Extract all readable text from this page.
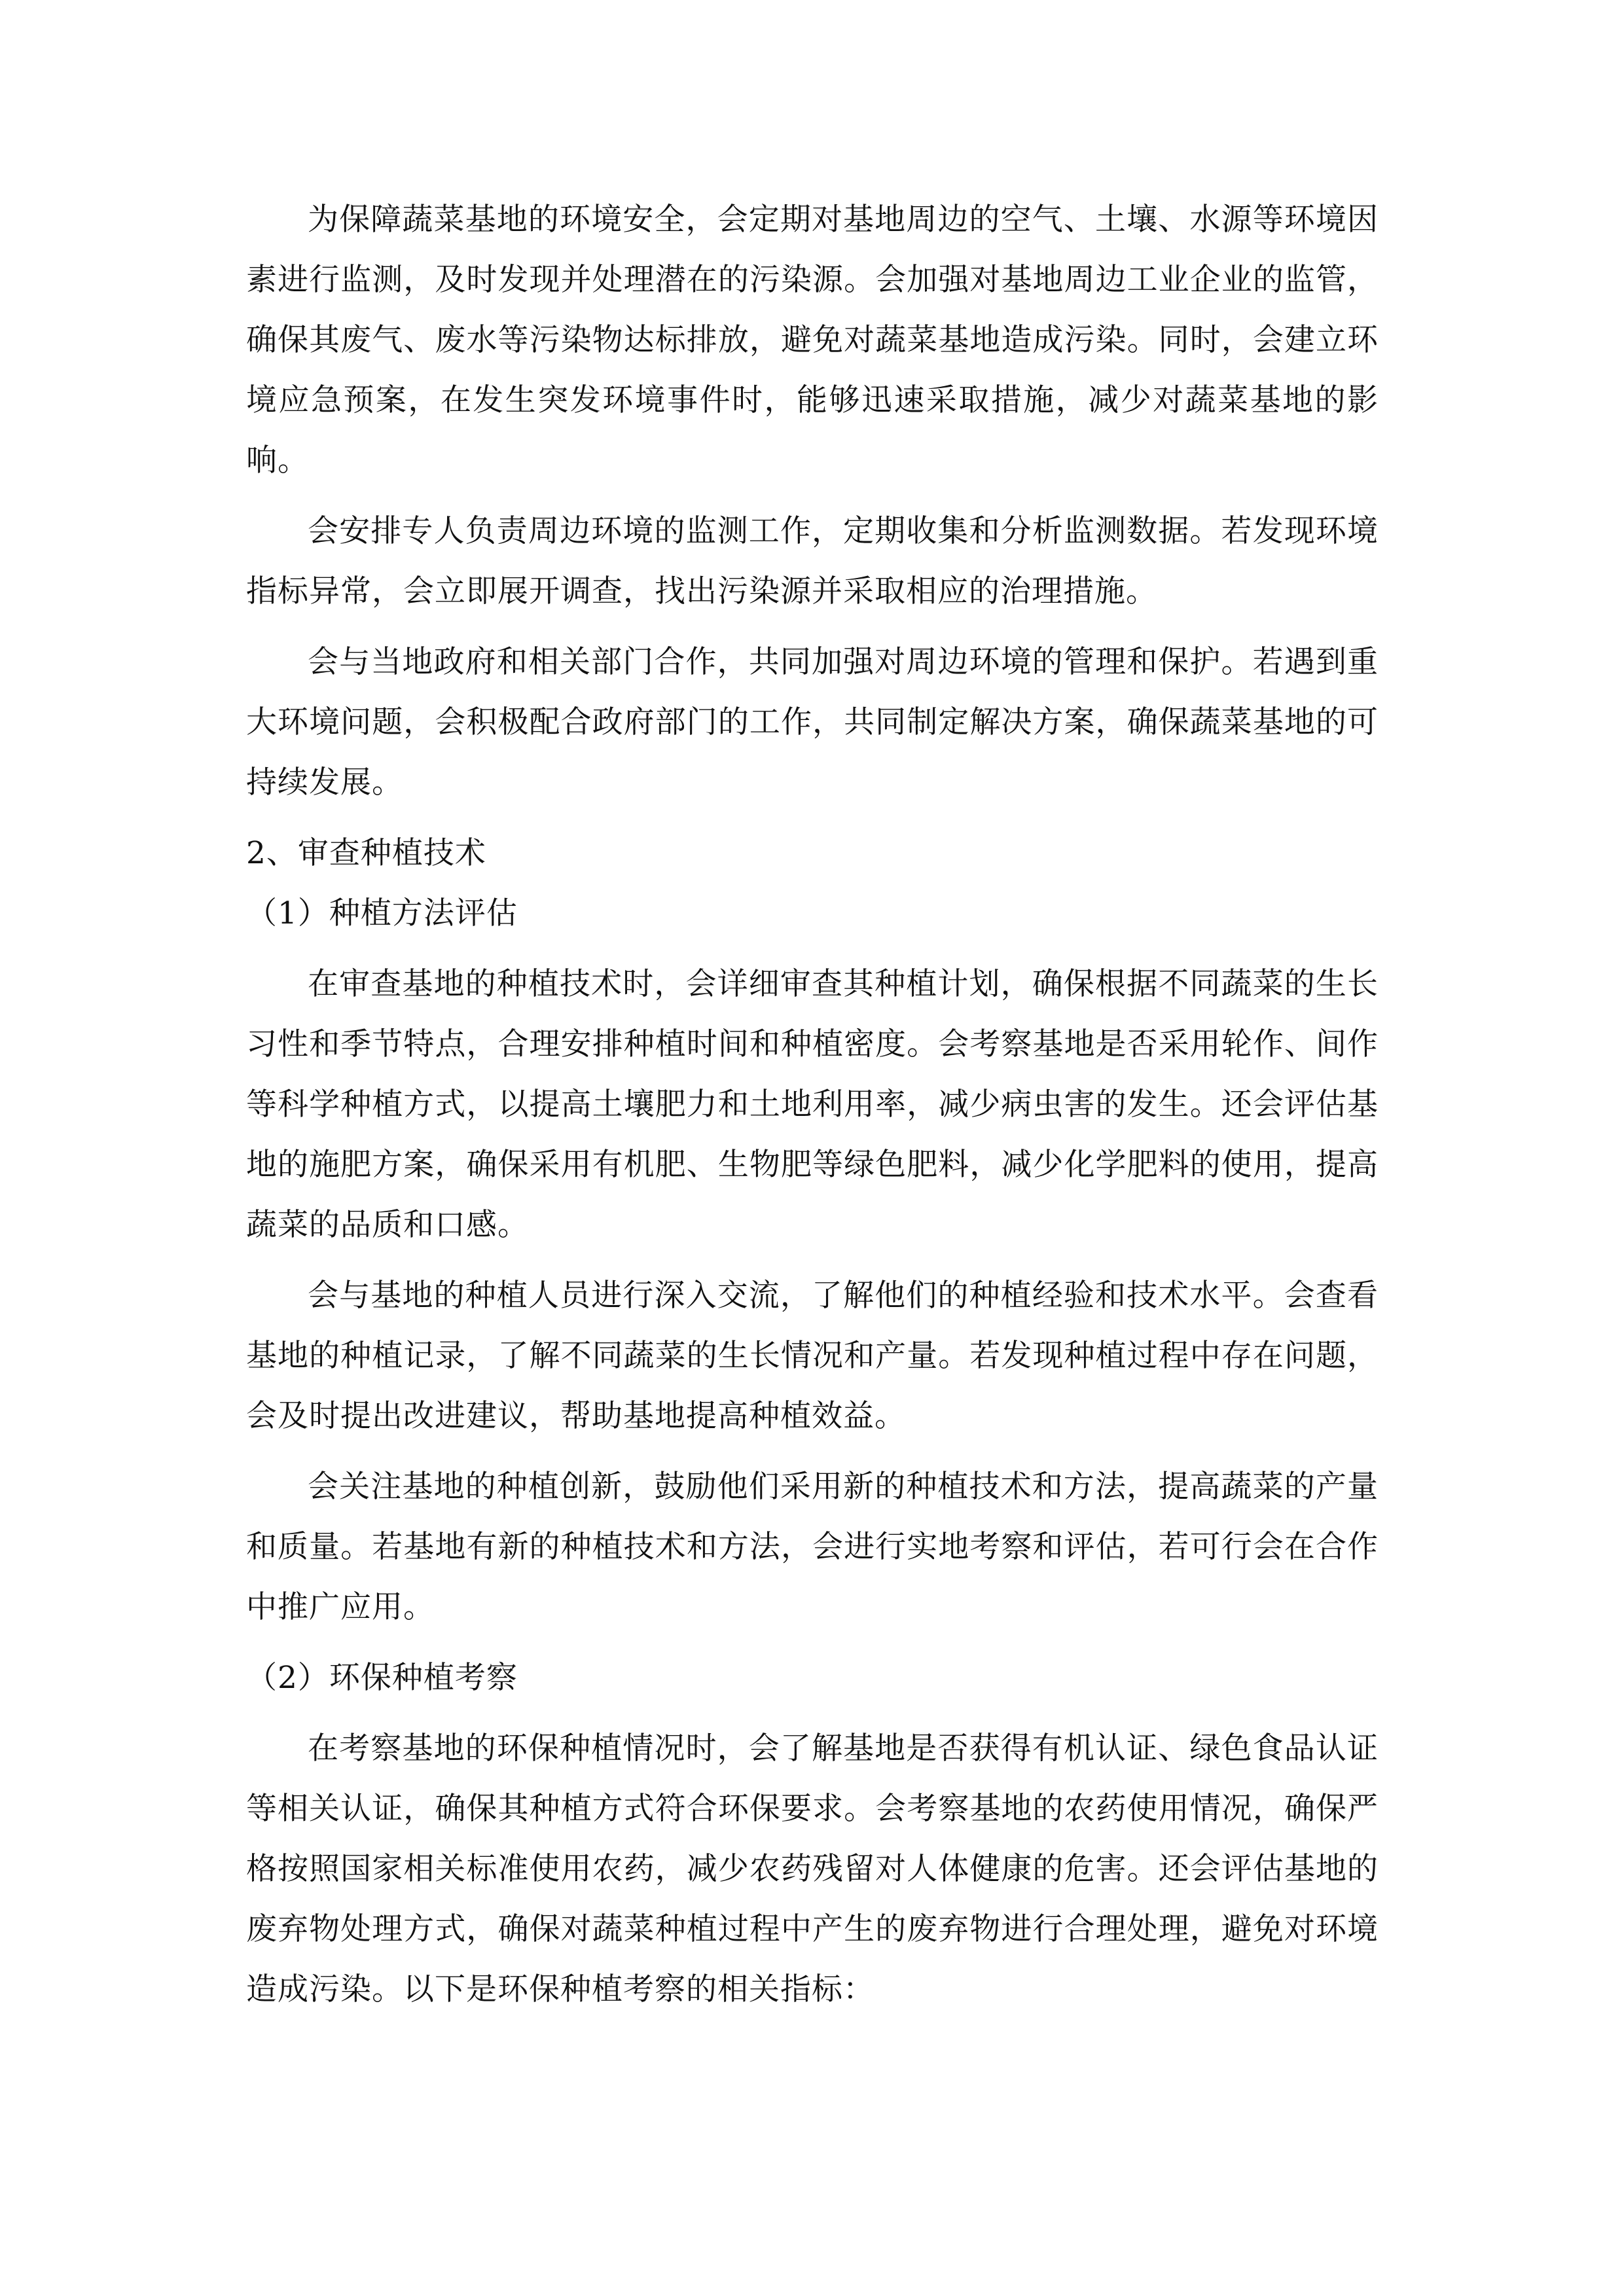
为保障蔬菜基地的环境安全，会定期对基地周边的空气、土壤、水源等环境因素进行监测，及时发现并处理潜在的污染源。会加强对基地周边工业企业的监管，确保其废气、废水等污染物达标排放，避免对蔬菜基地造成污染。同时，会建立环境应急预案，在发生突发环境事件时，能够迅速采取措施，减少对蔬菜基地的影响。

会安排专人负责周边环境的监测工作，定期收集和分析监测数据。若发现环境指标异常，会立即展开调查，找出污染源并采取相应的治理措施。

会与当地政府和相关部门合作，共同加强对周边环境的管理和保护。若遇到重大环境问题，会积极配合政府部门的工作，共同制定解决方案，确保蔬菜基地的可持续发展。

2、审查种植技术

（1）种植方法评估

在审查基地的种植技术时，会详细审查其种植计划，确保根据不同蔬菜的生长习性和季节特点，合理安排种植时间和种植密度。会考察基地是否采用轮作、间作等科学种植方式，以提高土壤肥力和土地利用率，减少病虫害的发生。还会评估基地的施肥方案，确保采用有机肥、生物肥等绿色肥料，减少化学肥料的使用，提高蔬菜的品质和口感。

会与基地的种植人员进行深入交流，了解他们的种植经验和技术水平。会查看基地的种植记录，了解不同蔬菜的生长情况和产量。若发现种植过程中存在问题，会及时提出改进建议，帮助基地提高种植效益。

会关注基地的种植创新，鼓励他们采用新的种植技术和方法，提高蔬菜的产量和质量。若基地有新的种植技术和方法，会进行实地考察和评估，若可行会在合作中推广应用。

（2）环保种植考察

在考察基地的环保种植情况时，会了解基地是否获得有机认证、绿色食品认证等相关认证，确保其种植方式符合环保要求。会考察基地的农药使用情况，确保严格按照国家相关标准使用农药，减少农药残留对人体健康的危害。还会评估基地的废弃物处理方式，确保对蔬菜种植过程中产生的废弃物进行合理处理，避免对环境造成污染。以下是环保种植考察的相关指标：
